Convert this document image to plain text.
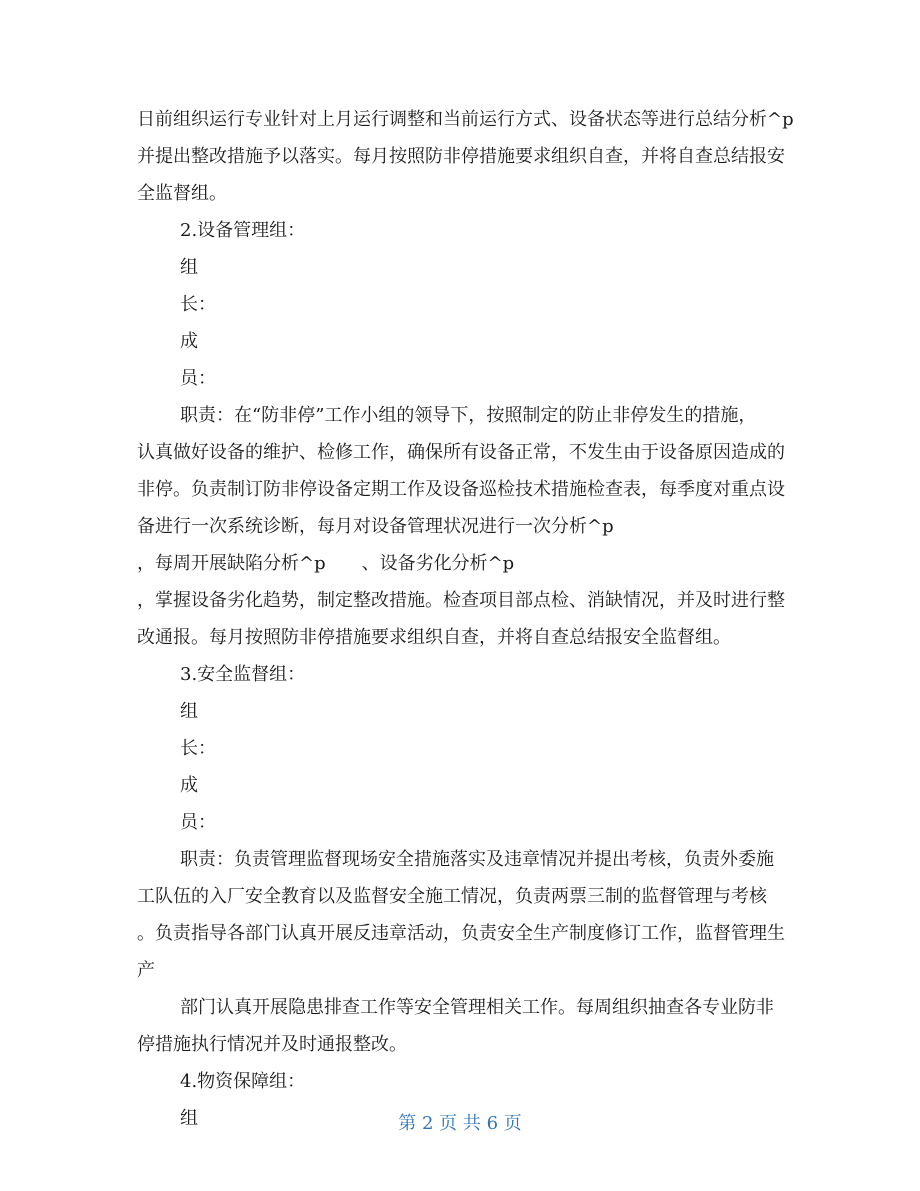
日前组织运行专业针对上月运行调整和当前运行方式、设备状态等进行总结分析^p
并提出整改措施予以落实。每月按照防非停措施要求组织自查，并将自查总结报安
全监督组。
2.设备管理组：
组
长：
成
员：
职责：在“防非停”工作小组的领导下，按照制定的防止非停发生的措施，
认真做好设备的维护、检修工作，确保所有设备正常，不发生由于设备原因造成的
非停。负责制订防非停设备定期工作及设备巡检技术措施检查表，每季度对重点设
备进行一次系统诊断，每月对设备管理状况进行一次分析^p
，每周开展缺陷分析^p　　、设备劣化分析^p
，掌握设备劣化趋势，制定整改措施。检查项目部点检、消缺情况，并及时进行整
改通报。每月按照防非停措施要求组织自查，并将自查总结报安全监督组。
3.安全监督组：
组
长：
成
员：
职责：负责管理监督现场安全措施落实及违章情况并提出考核，负责外委施
工队伍的入厂安全教育以及监督安全施工情况，负责两票三制的监督管理与考核
。负责指导各部门认真开展反违章活动，负责安全生产制度修订工作，监督管理生
产
部门认真开展隐患排查工作等安全管理相关工作。每周组织抽查各专业防非
停措施执行情况并及时通报整改。
4.物资保障组：
组	第 2 页 共 6 页
